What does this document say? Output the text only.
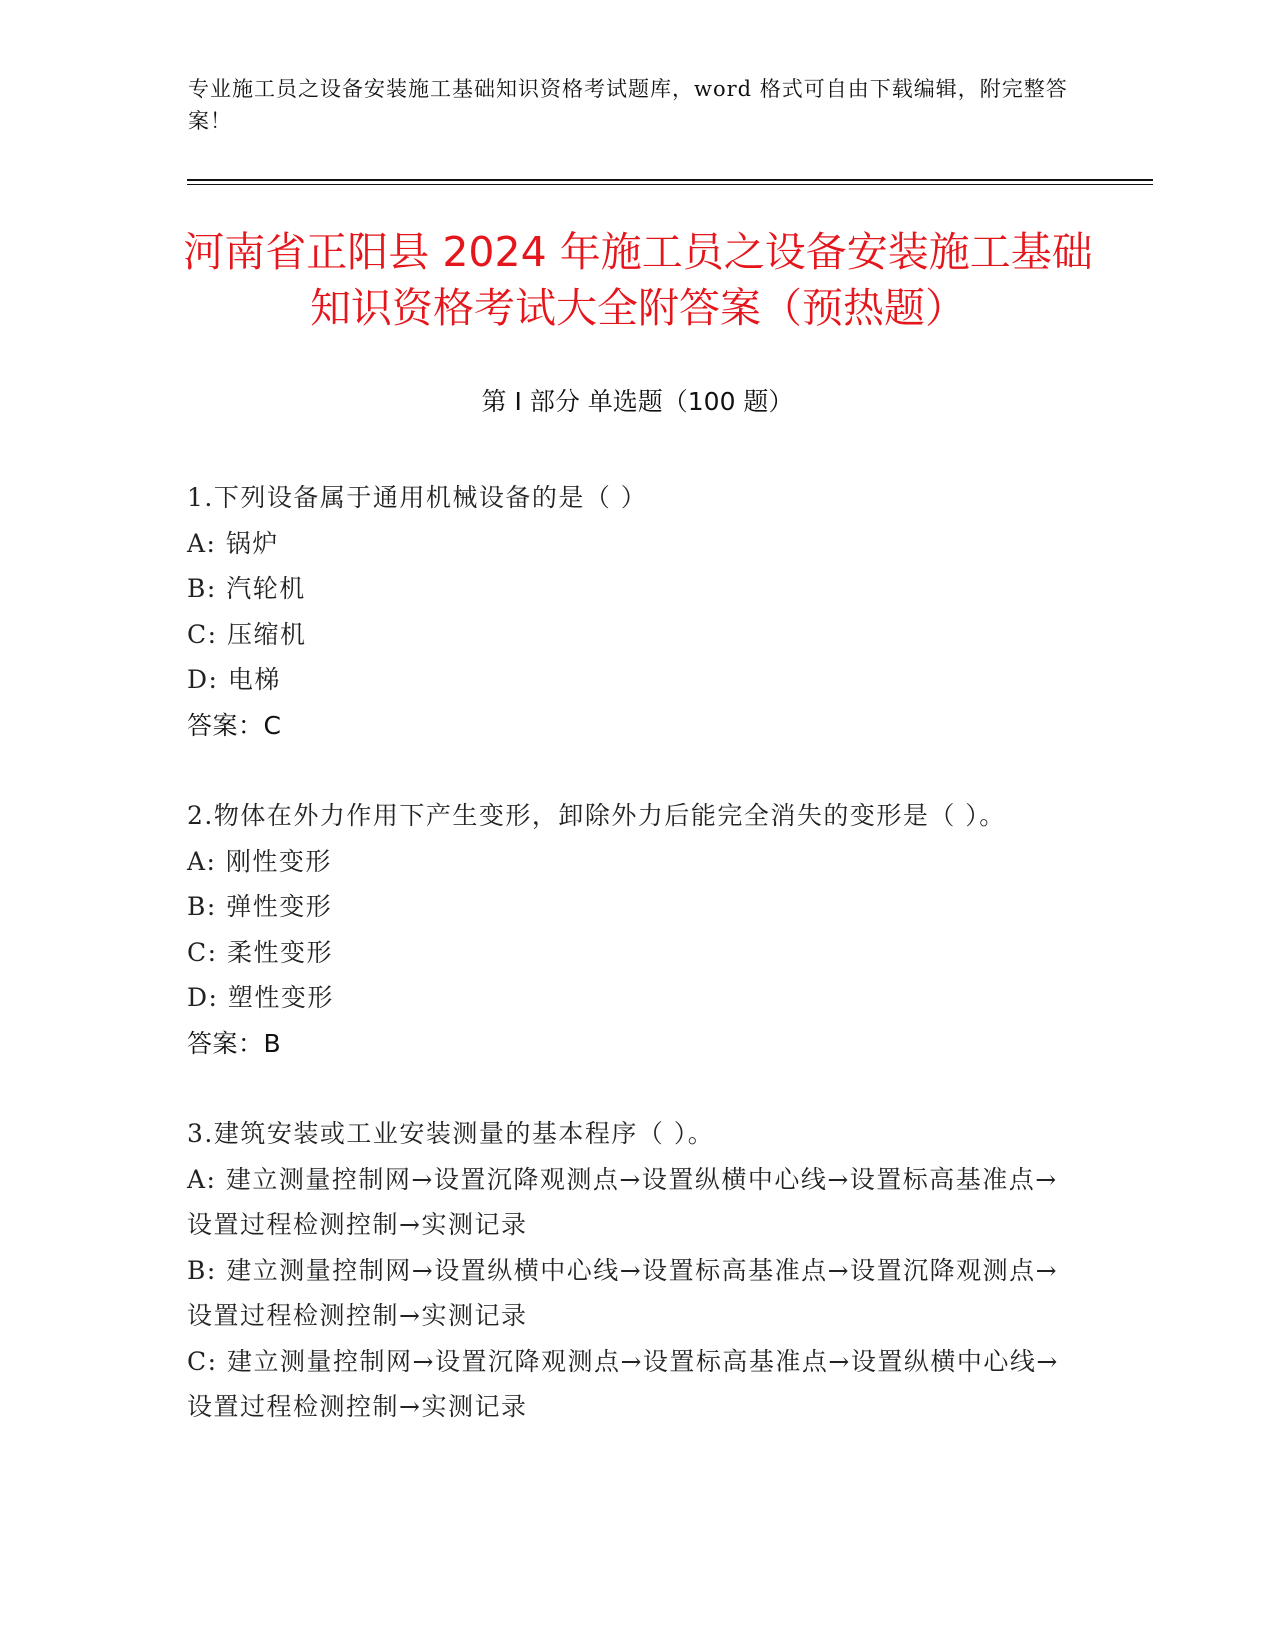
专业施工员之设备安装施工基础知识资格考试题库，word 格式可自由下载编辑，附完整答案！
河南省正阳县 2024 年施工员之设备安装施工基础知识资格考试大全附答案（预热题）
第 I 部分 单选题（100 题）
1.下列设备属于通用机械设备的是（ ）
A: 锅炉
B: 汽轮机
C: 压缩机
D: 电梯
答案：C
2.物体在外力作用下产生变形，卸除外力后能完全消失的变形是（ ）。
A: 刚性变形
B: 弹性变形
C: 柔性变形
D: 塑性变形
答案：B
3.建筑安装或工业安装测量的基本程序（ ）。
A: 建立测量控制网→设置沉降观测点→设置纵横中心线→设置标高基准点→设置过程检测控制→实测记录
B: 建立测量控制网→设置纵横中心线→设置标高基准点→设置沉降观测点→设置过程检测控制→实测记录
C: 建立测量控制网→设置沉降观测点→设置标高基准点→设置纵横中心线→设置过程检测控制→实测记录
